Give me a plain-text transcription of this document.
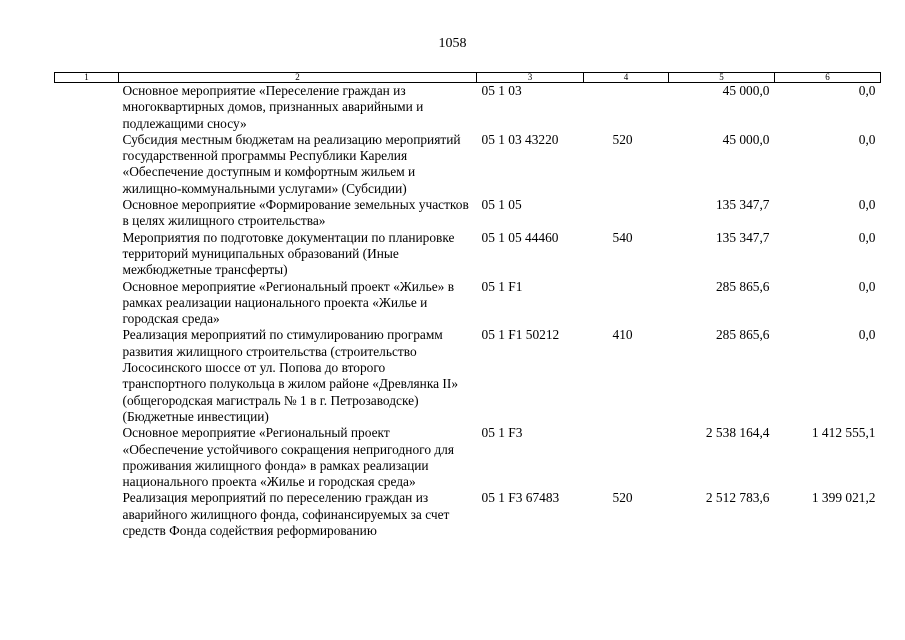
1058
1	2	3	4	5	6
	Основное мероприятие «Переселение граждан из многоквартирных домов, признанных аварийными и подлежащими сносу»	05 1 03		45 000,0	0,0
	Субсидия местным бюджетам на реализацию мероприятий государственной программы Республики Карелия «Обеспечение доступным и комфортным жильем и жилищно-коммунальными услугами» (Субсидии)	05 1 03 43220	520	45 000,0	0,0
	Основное мероприятие «Формирование земельных участков в целях жилищного строительства»	05 1 05		135 347,7	0,0
	Мероприятия по подготовке документации по планировке территорий муниципальных образований (Иные межбюджетные трансферты)	05 1 05 44460	540	135 347,7	0,0
	Основное мероприятие «Региональный проект «Жилье» в рамках реализации национального проекта «Жилье и городская среда»	05 1 F1		285 865,6	0,0
	Реализация мероприятий по стимулированию программ развития жилищного строительства (строительство Лососинского шоссе от ул. Попова до второго транспортного полукольца в жилом районе «Древлянка II» (общегородская магистраль № 1 в г. Петрозаводске) (Бюджетные инвестиции)	05 1 F1 50212	410	285 865,6	0,0
	Основное мероприятие «Региональный проект «Обеспечение устойчивого сокращения непригодного для проживания жилищного фонда» в рамках реализации национального проекта «Жилье и городская среда»	05 1 F3		2 538 164,4	1 412 555,1
	Реализация мероприятий по переселению граждан из аварийного жилищного фонда, софинансируемых за счет средств Фонда содействия реформированию	05 1 F3 67483	520	2 512 783,6	1 399 021,2
